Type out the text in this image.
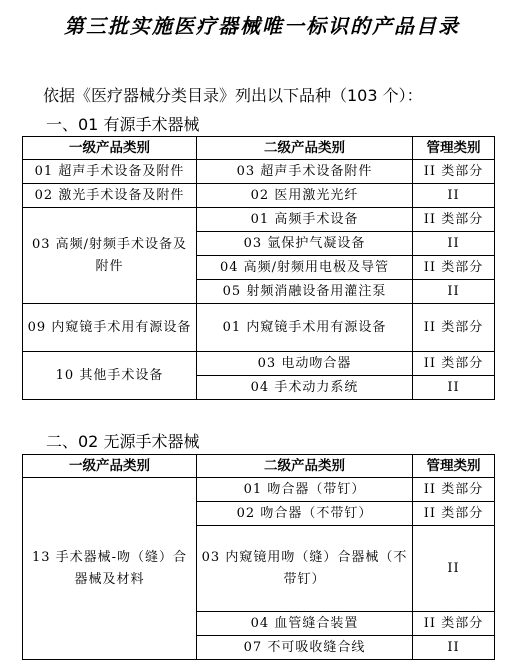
第三批实施医疗器械唯一标识的产品目录
依据《医疗器械分类目录》列出以下品种（103 个）：
一、01 有源手术器械
一级产品类别	二级产品类别	管理类别
01 超声手术设备及附件	03 超声手术设备附件	II 类部分
02 激光手术设备及附件	02 医用激光光纤	II
03 高频/射频手术设备及附件	01 高频手术设备	II 类部分
	03 氩保护气凝设备	II
	04 高频/射频用电极及导管	II 类部分
	05 射频消融设备用灌注泵	II
09 内窥镜手术用有源设备	01 内窥镜手术用有源设备	II 类部分
10 其他手术设备	03 电动吻合器	II 类部分
	04 手术动力系统	II
二、02 无源手术器械
一级产品类别	二级产品类别	管理类别
13 手术器械-吻（缝）合器械及材料	01 吻合器（带钉）	II 类部分
	02 吻合器（不带钉）	II 类部分
	03 内窥镜用吻（缝）合器械（不带钉）	II
	04 血管缝合装置	II 类部分
	07 不可吸收缝合线	II
